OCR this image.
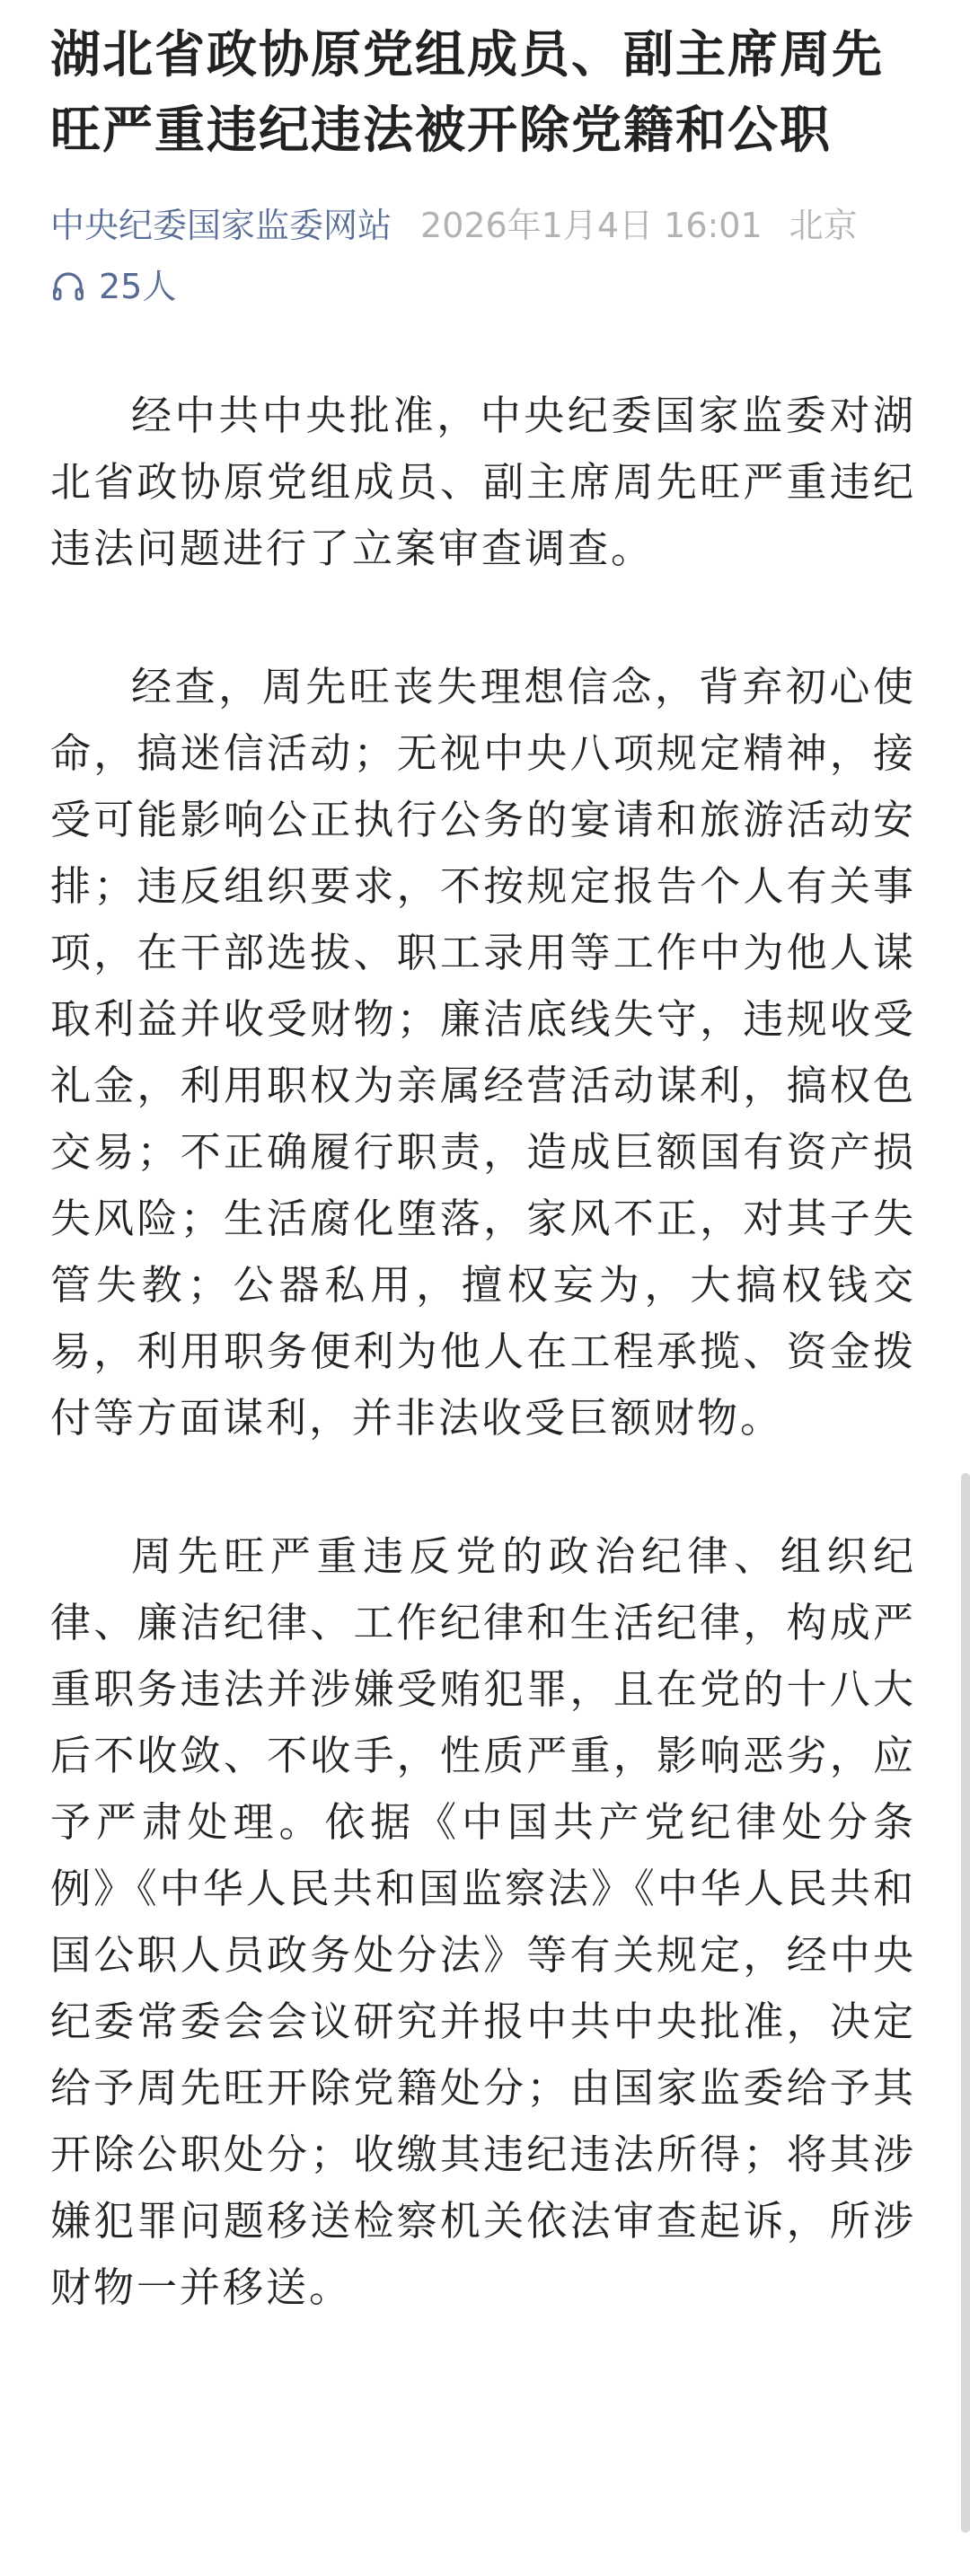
湖北省政协原党组成员、副主席周先旺严重违纪违法被开除党籍和公职
中央纪委国家监委网站 2026年1月4日 16:01 北京
25人

经中共中央批准，中央纪委国家监委对湖北省政协原党组成员、副主席周先旺严重违纪违法问题进行了立案审查调查。

经查，周先旺丧失理想信念，背弃初心使命，搞迷信活动；无视中央八项规定精神，接受可能影响公正执行公务的宴请和旅游活动安排；违反组织要求，不按规定报告个人有关事项，在干部选拔、职工录用等工作中为他人谋取利益并收受财物；廉洁底线失守，违规收受礼金，利用职权为亲属经营活动谋利，搞权色交易；不正确履行职责，造成巨额国有资产损失风险；生活腐化堕落，家风不正，对其子失管失教；公器私用，擅权妄为，大搞权钱交易，利用职务便利为他人在工程承揽、资金拨付等方面谋利，并非法收受巨额财物。

周先旺严重违反党的政治纪律、组织纪律、廉洁纪律、工作纪律和生活纪律，构成严重职务违法并涉嫌受贿犯罪，且在党的十八大后不收敛、不收手，性质严重，影响恶劣，应予严肃处理。依据《中国共产党纪律处分条例》《中华人民共和国监察法》《中华人民共和国公职人员政务处分法》等有关规定，经中央纪委常委会会议研究并报中共中央批准，决定给予周先旺开除党籍处分；由国家监委给予其开除公职处分；收缴其违纪违法所得；将其涉嫌犯罪问题移送检察机关依法审查起诉，所涉财物一并移送。
